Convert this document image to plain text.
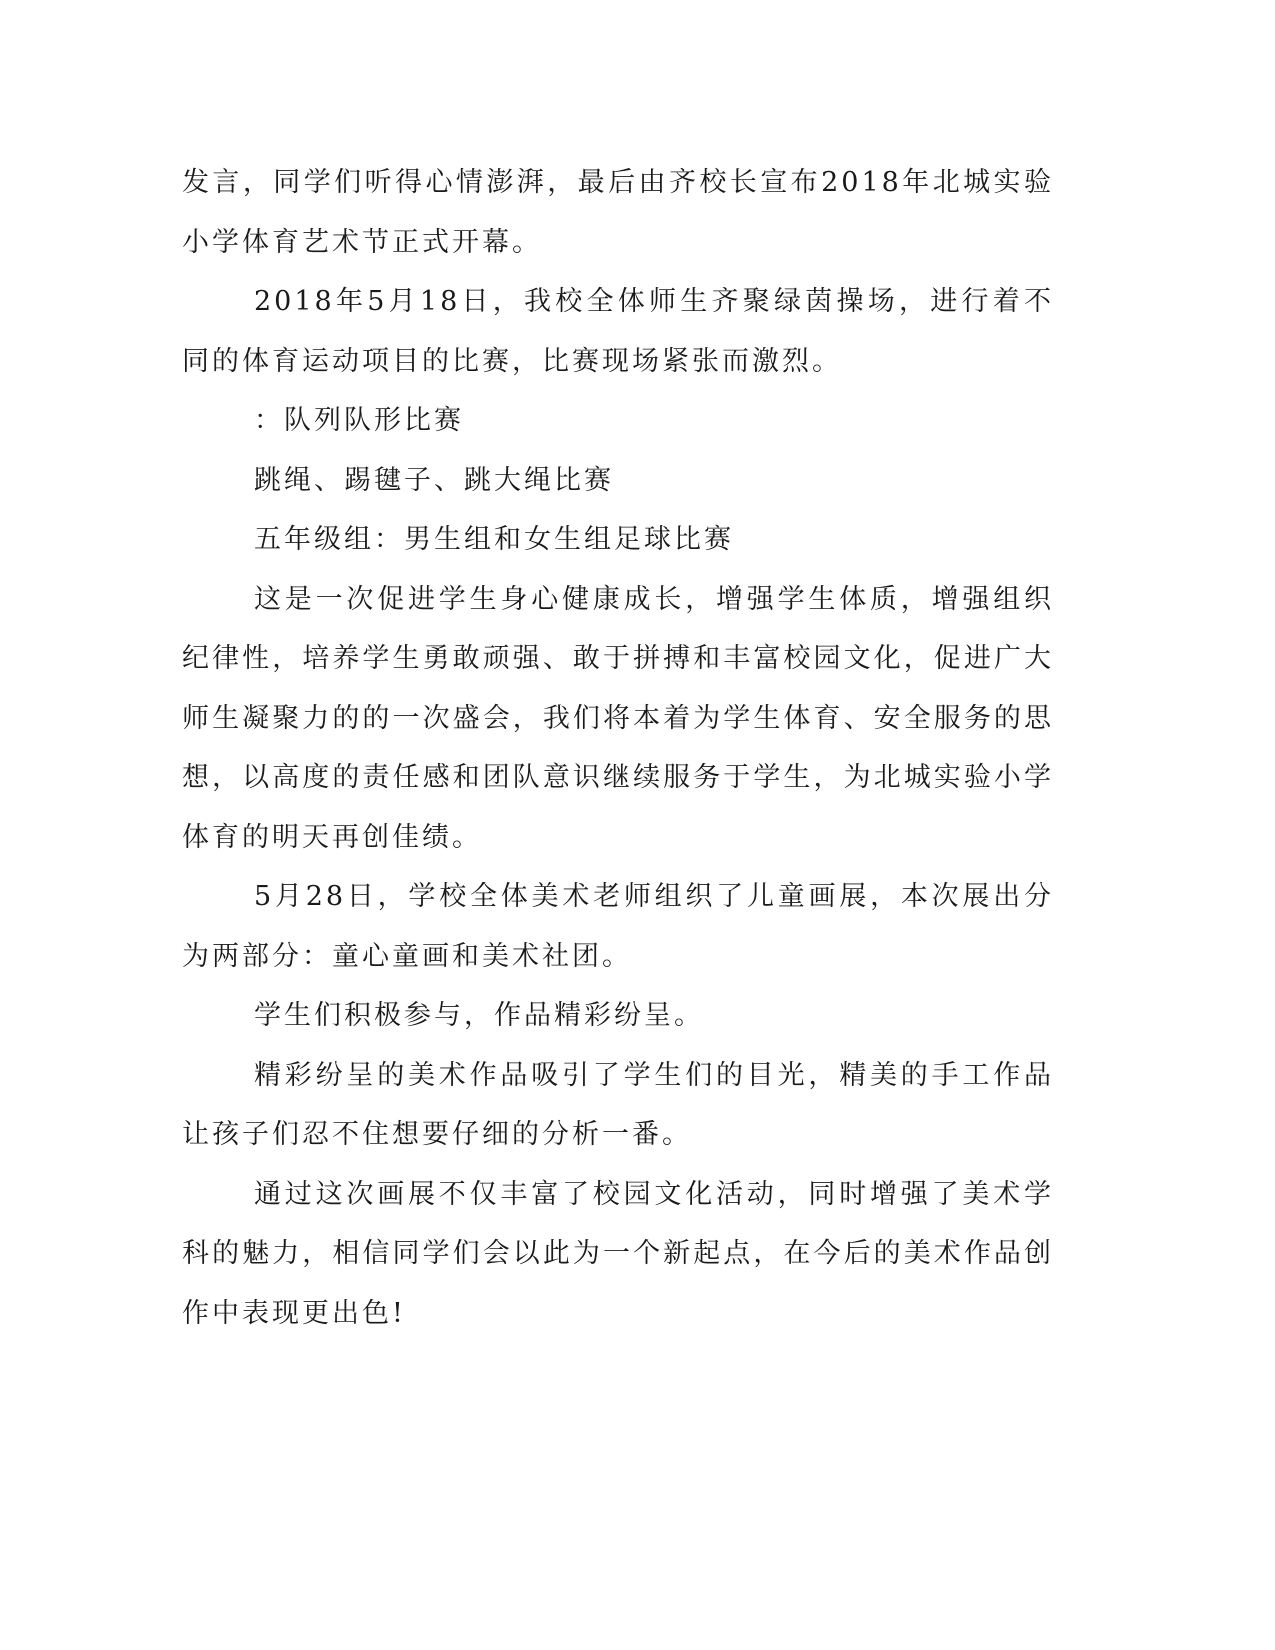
发言，同学们听得心情澎湃，最后由齐校长宣布2018年北城实验小学体育艺术节正式开幕。

2018年5月18日，我校全体师生齐聚绿茵操场，进行着不同的体育运动项目的比赛，比赛现场紧张而激烈。

：队列队形比赛

跳绳、踢毽子、跳大绳比赛

五年级组：男生组和女生组足球比赛

这是一次促进学生身心健康成长，增强学生体质，增强组织纪律性，培养学生勇敢顽强、敢于拼搏和丰富校园文化，促进广大师生凝聚力的的一次盛会，我们将本着为学生体育、安全服务的思想，以高度的责任感和团队意识继续服务于学生，为北城实验小学体育的明天再创佳绩。

5月28日，学校全体美术老师组织了儿童画展，本次展出分为两部分：童心童画和美术社团。

学生们积极参与，作品精彩纷呈。

精彩纷呈的美术作品吸引了学生们的目光，精美的手工作品让孩子们忍不住想要仔细的分析一番。

通过这次画展不仅丰富了校园文化活动，同时增强了美术学科的魅力，相信同学们会以此为一个新起点，在今后的美术作品创作中表现更出色!
